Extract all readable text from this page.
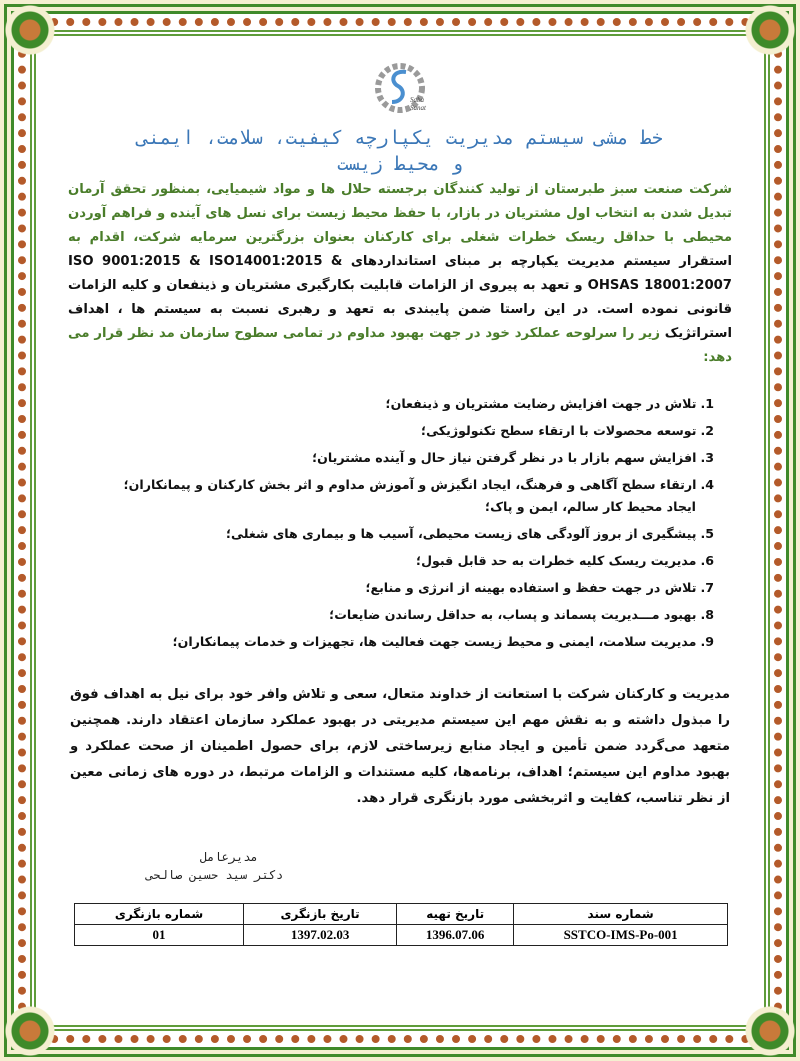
Saba
Sanat
خط مشی سیستم مدیریت یکپارچه کیفیت، سلامت، ایمنی
و محیط زیست
شرکت صنعت سبز طبرستان از تولید کنندگان برجسته حلال ها و مواد شیمیایی، بمنظور تحقق آرمان تبدیل شدن به انتخاب اول مشتریان در بازار، با حفظ محیط زیست برای نسل های آینده و فراهم آوردن محیطی با حداقل ریسک خطرات شغلی برای کارکنان بعنوان بزرگترین سرمایه شرکت، اقدام به استقرار سیستم مدیریت یکپارچه بر مبنای استانداردهای & ISO 9001:2015 & ISO14001:2015 OHSAS 18001:2007 و تعهد به پیروی از الزامات قابلیت بکارگیری مشتریان و ذینفعان و کلیه الزامات قانونی نموده است. در این راستا ضمن پایبندی به تعهد و رهبری نسبت به سیستم ها ، اهداف استراتژیک زیر را سرلوحه عملکرد خود در جهت بهبود مداوم در تمامی سطوح سازمان مد نظر قرار می دهد:
1.تلاش در جهت افزایش رضایت مشتریان و ذینفعان؛
2.توسعه محصولات با ارتقاء سطح تکنولوژیکی؛
3.افزایش سهم بازار با در نظر گرفتن نیاز حال و آینده مشتریان؛
4.ارتقاء سطح آگاهی و فرهنگ، ایجاد انگیزش و آموزش مداوم و اثر بخش کارکنان و پیمانکاران؛
ایجاد محیط کار سالم، ایمن و پاک؛
5.پیشگیری از بروز آلودگی های زیست محیطی، آسیب ها و بیماری های شغلی؛
6.مدیریت ریسک کلیه خطرات به حد قابل قبول؛
7.تلاش در جهت حفظ و استفاده بهینه از انرژی و منابع؛
8.بهبود مـــدیریت پسماند و پساب، به حداقل رساندن ضایعات؛
9.مدیریت سلامت، ایمنی و محیط زیست جهت فعالیت ها، تجهیزات و خدمات پیمانکاران؛
مدیریت و کارکنان شرکت با استعانت از خداوند متعال، سعی و تلاش وافر خود برای نیل به اهداف فوق را مبذول داشته و به نقش مهم این سیستم مدیریتی در بهبود عملکرد سازمان اعتقاد دارند. همچنین متعهد می‌گردد ضمن تأمین و ایجاد منابع زیرساختی لازم، برای حصول اطمینان از صحت عملکرد و بهبود مداوم این سیستم؛ اهداف، برنامه‌ها، کلیه مستندات و الزامات مرتبط، در دوره های زمانی معین از نظر تناسب، کفایت و اثربخشی مورد بازنگری قرار دهد.
مدیرعامل
دکتر سید حسین صالحی
شماره سند	تاریخ تهیه	تاریخ بازنگری	شماره بازنگری
SSTCO-IMS-Po-001	1396.07.06	1397.02.03	01
